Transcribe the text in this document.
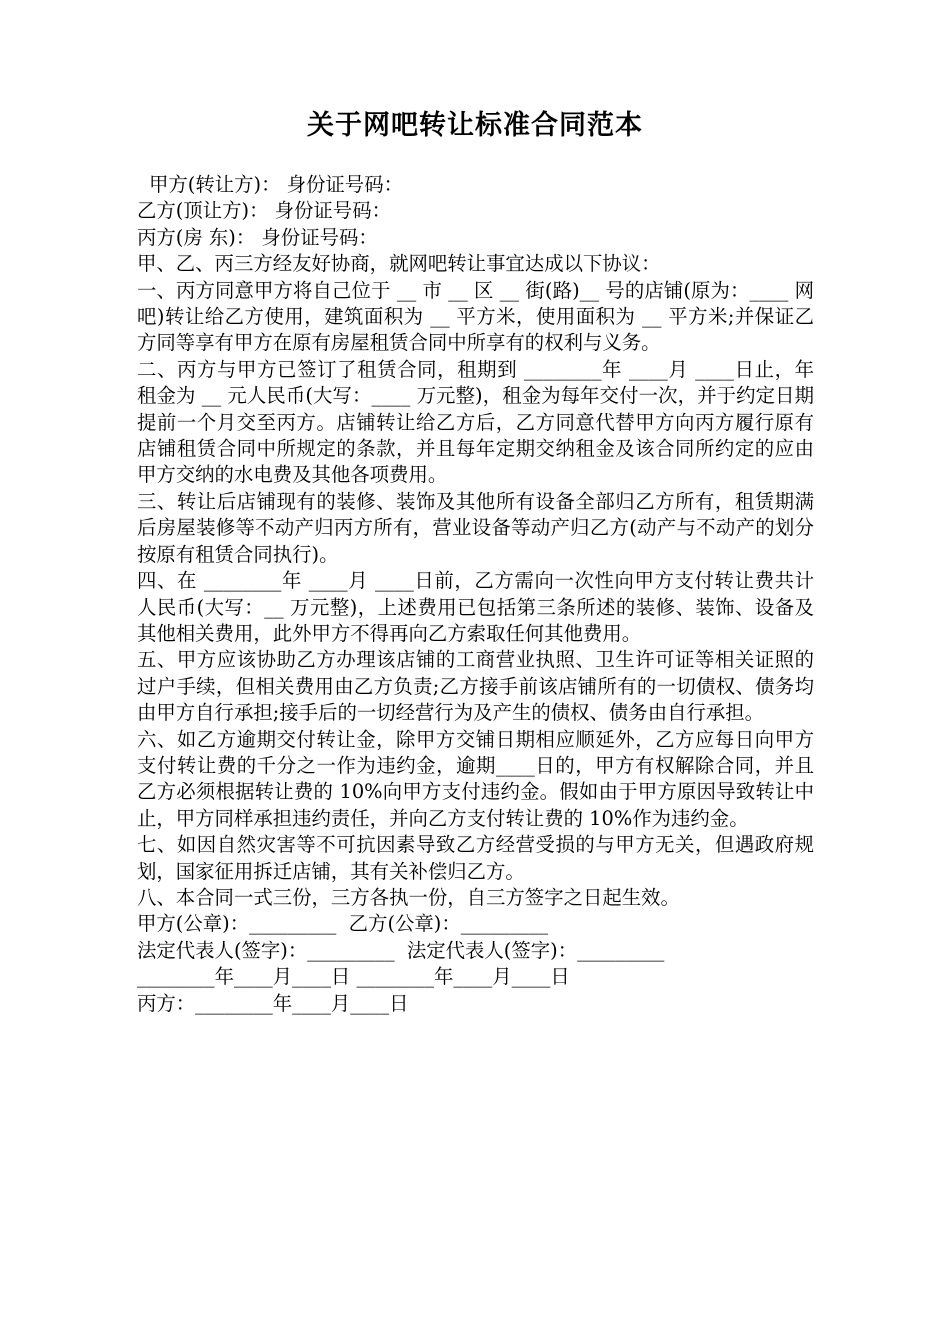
关于网吧转让标准合同范本

甲方(转让方)： 身份证号码：

乙方(顶让方)： 身份证号码：

丙方(房 东)： 身份证号码：

甲、乙、丙三方经友好协商，就网吧转让事宜达成以下协议：

一、丙方同意甲方将自己位于 __ 市 __ 区 __ 街(路)__ 号的店铺(原为：____ 网吧)转让给乙方使用，建筑面积为 __ 平方米，使用面积为 __ 平方米;并保证乙方同等享有甲方在原有房屋租赁合同中所享有的权利与义务。

二、丙方与甲方已签订了租赁合同，租期到 ________年 ____月 ____日止，年租金为 __ 元人民币(大写：____ 万元整)，租金为每年交付一次，并于约定日期提前一个月交至丙方。店铺转让给乙方后，乙方同意代替甲方向丙方履行原有店铺租赁合同中所规定的条款，并且每年定期交纳租金及该合同所约定的应由甲方交纳的水电费及其他各项费用。

三、转让后店铺现有的装修、装饰及其他所有设备全部归乙方所有，租赁期满后房屋装修等不动产归丙方所有，营业设备等动产归乙方(动产与不动产的划分按原有租赁合同执行)。

四、在 ________年 ____月 ____日前，乙方需向一次性向甲方支付转让费共计人民币(大写：__ 万元整)，上述费用已包括第三条所述的装修、装饰、设备及其他相关费用，此外甲方不得再向乙方索取任何其他费用。

五、甲方应该协助乙方办理该店铺的工商营业执照、卫生许可证等相关证照的过户手续，但相关费用由乙方负责;乙方接手前该店铺所有的一切债权、债务均由甲方自行承担;接手后的一切经营行为及产生的债权、债务由自行承担。

六、如乙方逾期交付转让金，除甲方交铺日期相应顺延外，乙方应每日向甲方支付转让费的千分之一作为违约金，逾期____日的，甲方有权解除合同，并且乙方必须根据转让费的 10%向甲方支付违约金。假如由于甲方原因导致转让中止，甲方同样承担违约责任，并向乙方支付转让费的 10%作为违约金。

七、如因自然灾害等不可抗因素导致乙方经营受损的与甲方无关，但遇政府规划，国家征用拆迁店铺，其有关补偿归乙方。

八、本合同一式三份，三方各执一份，自三方签字之日起生效。

甲方(公章)：_________  乙方(公章)：_________

法定代表人(签字)：_________  法定代表人(签字)：_________

________年____月____日 ________年____月____日

丙方：________年____月____日
